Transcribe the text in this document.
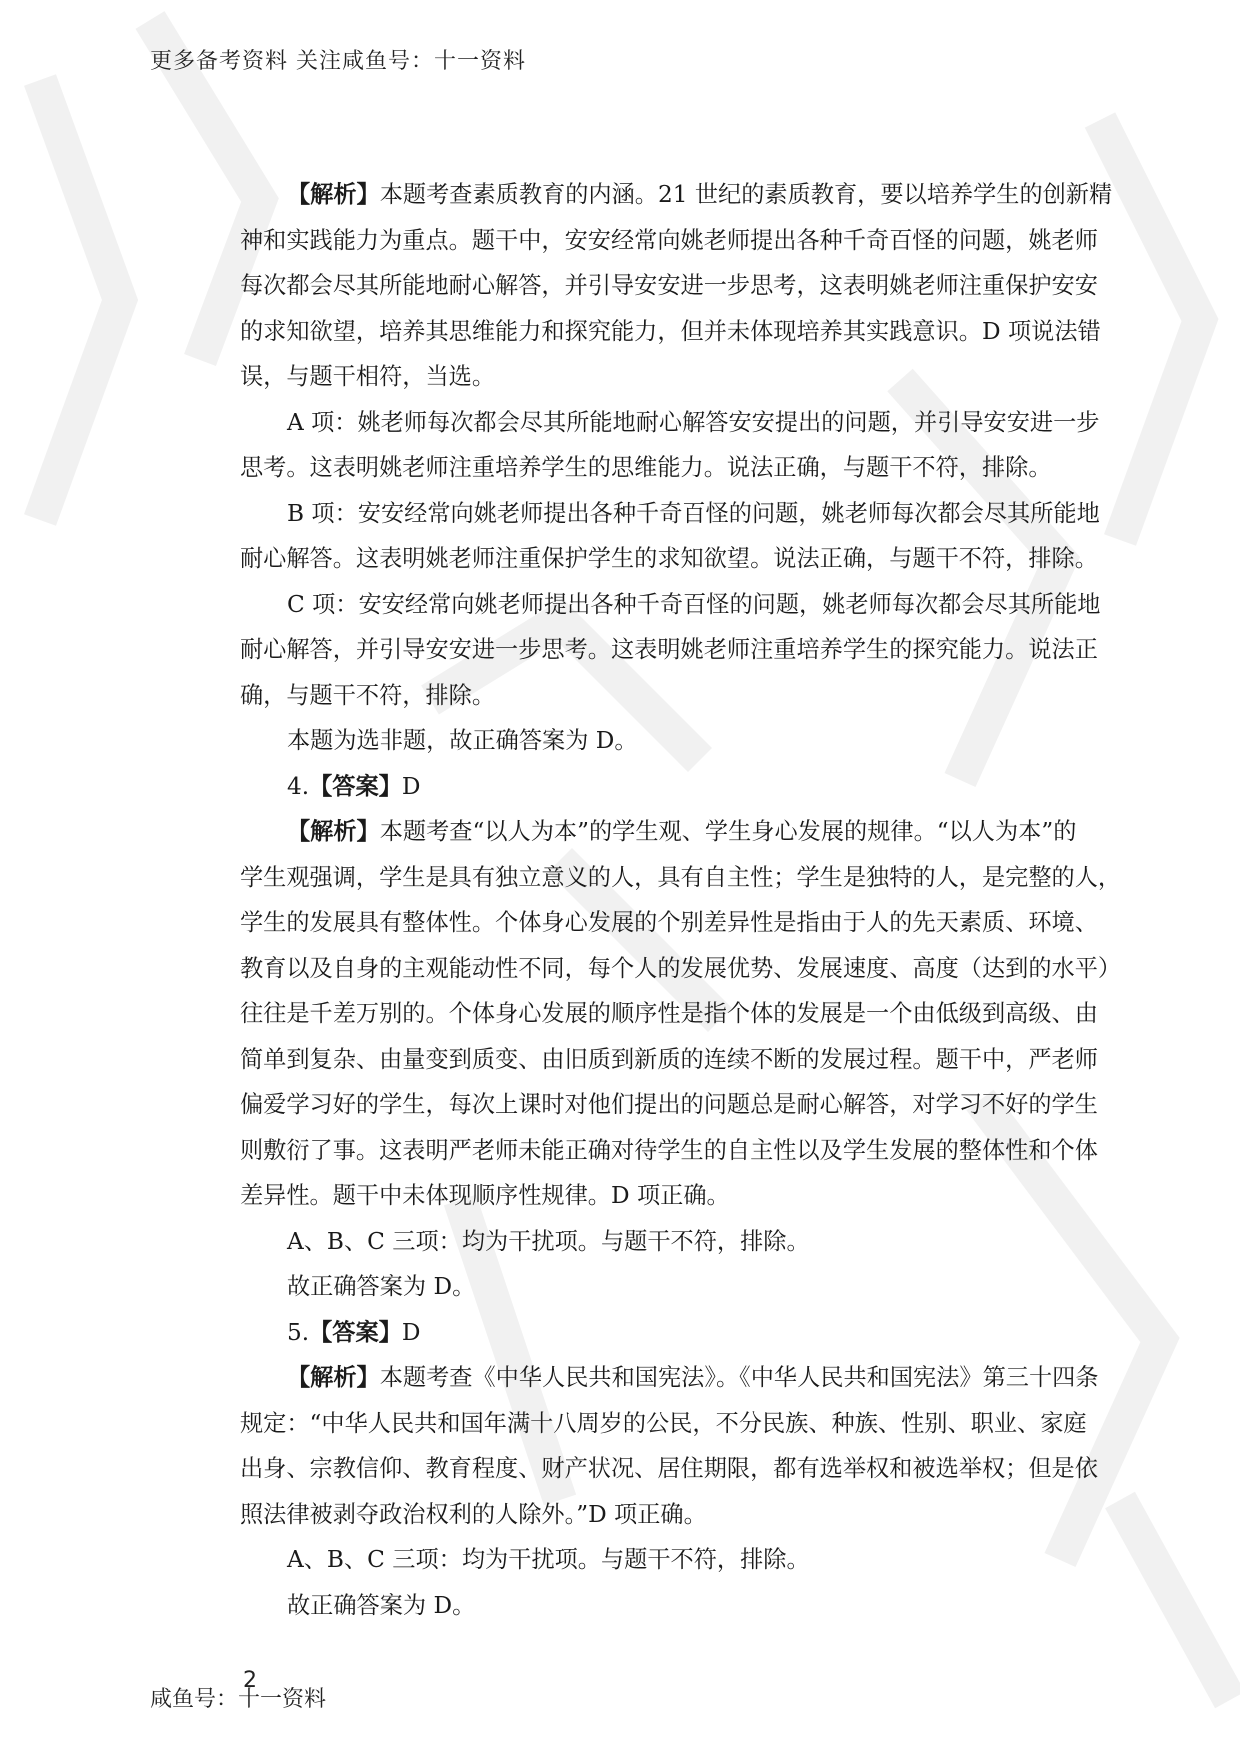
更多备考资料 关注咸鱼号：十一资料
【解析】本题考查素质教育的内涵。21 世纪的素质教育，要以培养学生的创新精
神和实践能力为重点。题干中，安安经常向姚老师提出各种千奇百怪的问题，姚老师
每次都会尽其所能地耐心解答，并引导安安进一步思考，这表明姚老师注重保护安安
的求知欲望，培养其思维能力和探究能力，但并未体现培养其实践意识。D 项说法错
误，与题干相符，当选。
A 项：姚老师每次都会尽其所能地耐心解答安安提出的问题，并引导安安进一步
思考。这表明姚老师注重培养学生的思维能力。说法正确，与题干不符，排除。
B 项：安安经常向姚老师提出各种千奇百怪的问题，姚老师每次都会尽其所能地
耐心解答。这表明姚老师注重保护学生的求知欲望。说法正确，与题干不符，排除。
C 项：安安经常向姚老师提出各种千奇百怪的问题，姚老师每次都会尽其所能地
耐心解答，并引导安安进一步思考。这表明姚老师注重培养学生的探究能力。说法正
确，与题干不符，排除。
本题为选非题，故正确答案为 D。
4.【答案】D
【解析】本题考查“以人为本”的学生观、学生身心发展的规律。“以人为本”的
学生观强调，学生是具有独立意义的人，具有自主性；学生是独特的人，是完整的人，
学生的发展具有整体性。个体身心发展的个别差异性是指由于人的先天素质、环境、
教育以及自身的主观能动性不同，每个人的发展优势、发展速度、高度（达到的水平）
往往是千差万别的。个体身心发展的顺序性是指个体的发展是一个由低级到高级、由
简单到复杂、由量变到质变、由旧质到新质的连续不断的发展过程。题干中，严老师
偏爱学习好的学生，每次上课时对他们提出的问题总是耐心解答，对学习不好的学生
则敷衍了事。这表明严老师未能正确对待学生的自主性以及学生发展的整体性和个体
差异性。题干中未体现顺序性规律。D 项正确。
A、B、C 三项：均为干扰项。与题干不符，排除。
故正确答案为 D。
5.【答案】D
【解析】本题考查《中华人民共和国宪法》。《中华人民共和国宪法》第三十四条
规定：“中华人民共和国年满十八周岁的公民，不分民族、种族、性别、职业、家庭
出身、宗教信仰、教育程度、财产状况、居住期限，都有选举权和被选举权；但是依
照法律被剥夺政治权利的人除外。”D 项正确。
A、B、C 三项：均为干扰项。与题干不符，排除。
故正确答案为 D。
2
咸鱼号：十一资料
